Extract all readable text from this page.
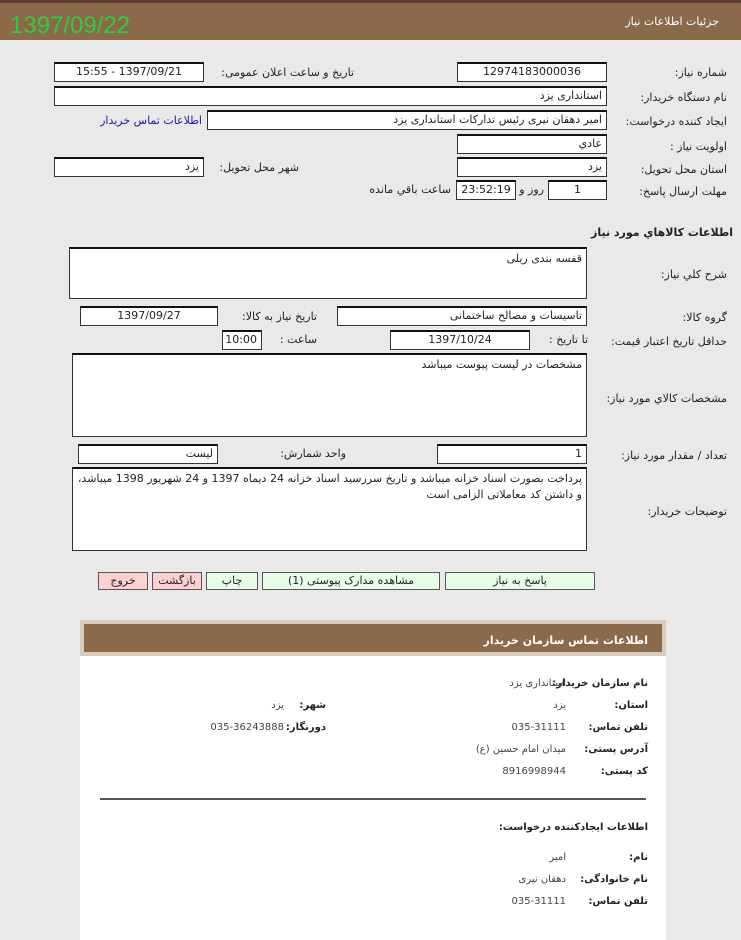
جزئیات اطلاعات نیاز
1397/09/22
شماره نیاز:
12974183000036
تاریخ و ساعت اعلان عمومی:
1397/09/21 - 15:55
نام دستگاه خریدار:
استانداری یزد
ایجاد کننده درخواست:
امیر دهقان نیری رئیس تدارکات استانداری یزد
اطلاعات تماس خریدار
اولویت نیاز :
عادي
استان محل تحویل:
یزد
شهر محل تحویل:
یزد
مهلت ارسال پاسخ:
1
روز و
23:52:19
ساعت باقي مانده
اطلاعات کالاهاي مورد نياز
شرح کلي نياز:
قفسه بندی ریلی
گروه کالا:
تاسیسات و مصالح ساختمانی
تاریخ نیاز به کالا:
1397/09/27
حداقل تاریخ اعتبار قیمت:
تا تاریخ :
1397/10/24
ساعت :
10:00
مشخصات کالاي مورد نياز:
مشخصات در لیست پیوست میباشد
تعداد / مقدار مورد نیاز:
1
واحد شمارش:
لیست
توضیحات خریدار:
پرداخت بصورت اسناد خزانه میباشد و تاریخ سررسید اسناد خزانه 24 دیماه 1397 و 24 شهریور 1398 میباشد، و داشتن کد معاملاتی الزامی است
پاسخ به نیاز
مشاهده مدارک پیوستی (1)
چاپ
بازگشت
خروج
اطلاعات تماس سازمان خریدار
نام سازمان خریدار:
استانداری یزد
استان:
یزد
شهر:
یزد
تلفن تماس:
035-31111
دورنگار:
035-36243888
آدرس پستی:
میدان امام حسین (ع)
کد پستی:
8916998944
اطلاعات ایجادکننده درخواست:
نام:
امیر
نام خانوادگی:
دهقان نیری
تلفن تماس:
035-31111
